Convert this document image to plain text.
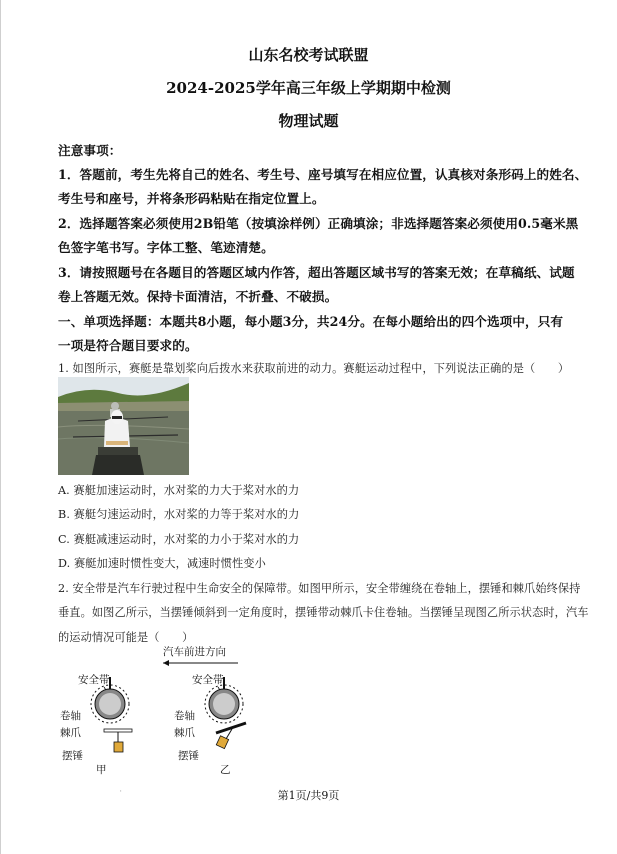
山东名校考试联盟
2024-2025学年高三年级上学期期中检测
物理试题
注意事项：
1．答题前，考生先将自己的姓名、考生号、座号填写在相应位置，认真核对条形码上的姓名、
考生号和座号，并将条形码粘贴在指定位置上。
2．选择题答案必须使用2B铅笔（按填涂样例）正确填涂；非选择题答案必须使用0.5毫米黑
色签字笔书写。字体工整、笔迹清楚。
3．请按照题号在各题目的答题区域内作答，超出答题区域书写的答案无效；在草稿纸、试题
卷上答题无效。保持卡面清洁，不折叠、不破损。
一、单项选择题：本题共8小题，每小题3分，共24分。在每小题给出的四个选项中，只有
一项是符合题目要求的。
1. 如图所示，赛艇是靠划桨向后拨水来获取前进的动力。赛艇运动过程中，下列说法正确的是（　　）
A. 赛艇加速运动时，水对桨的力大于桨对水的力
B. 赛艇匀速运动时，水对桨的力等于桨对水的力
C. 赛艇减速运动时，水对桨的力小于桨对水的力
D. 赛艇加速时惯性变大，减速时惯性变小
2. 安全带是汽车行驶过程中生命安全的保障带。如图甲所示，安全带缠绕在卷轴上，摆锤和棘爪始终保持
垂直。如图乙所示，当摆锤倾斜到一定角度时，摆锤带动棘爪卡住卷轴。当摆锤呈现图乙所示状态时，汽车
的运动情况可能是（　　）
汽车前进方向
安全带
卷轴
棘爪
摆锤
甲
安全带
卷轴
棘爪
摆锤
乙
'	第1页/共9页
